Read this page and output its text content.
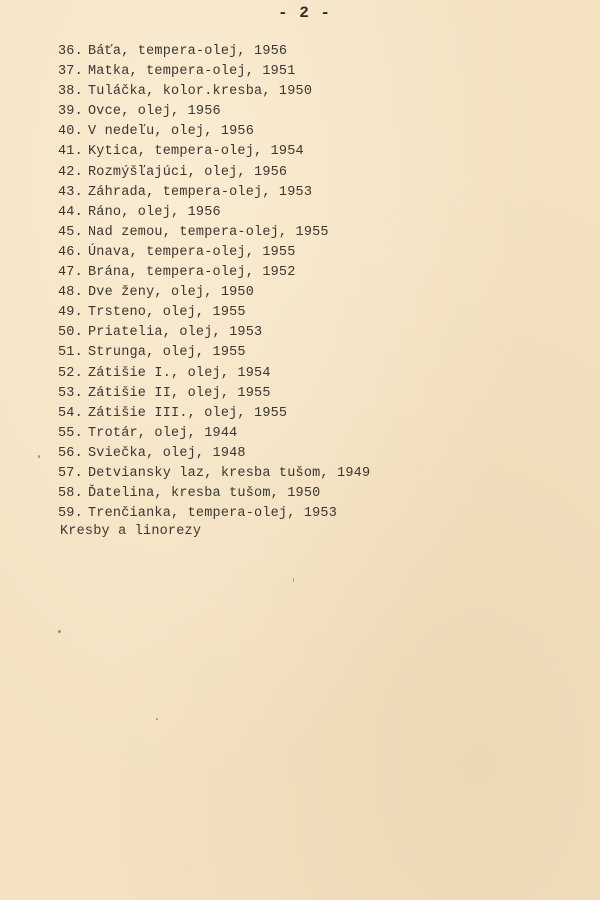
- 2 -
36. Báťa, tempera-olej, 1956
37. Matka, tempera-olej, 1951
38. Tuláčka, kolor.kresba, 1950
39. Ovce, olej, 1956
40. V nedeľu, olej, 1956
41. Kytica, tempera-olej, 1954
42. Rozmýšľajúci, olej, 1956
43. Záhrada, tempera-olej, 1953
44. Ráno, olej, 1956
45. Nad zemou, tempera-olej, 1955
46. Únava, tempera-olej, 1955
47. Brána, tempera-olej, 1952
48. Dve ženy, olej, 1950
49. Trsteno, olej, 1955
50. Priatelia, olej, 1953
51. Strunga, olej, 1955
52. Zátišie I., olej, 1954
53. Zátišie II, olej, 1955
54. Zátišie III., olej, 1955
55. Trotár, olej, 1944
56. Sviečka, olej, 1948
57. Detviansky laz, kresba tušom, 1949
58. Ďatelina, kresba tušom, 1950
59. Trenčianka, tempera-olej, 1953
Kresby a linorezy
